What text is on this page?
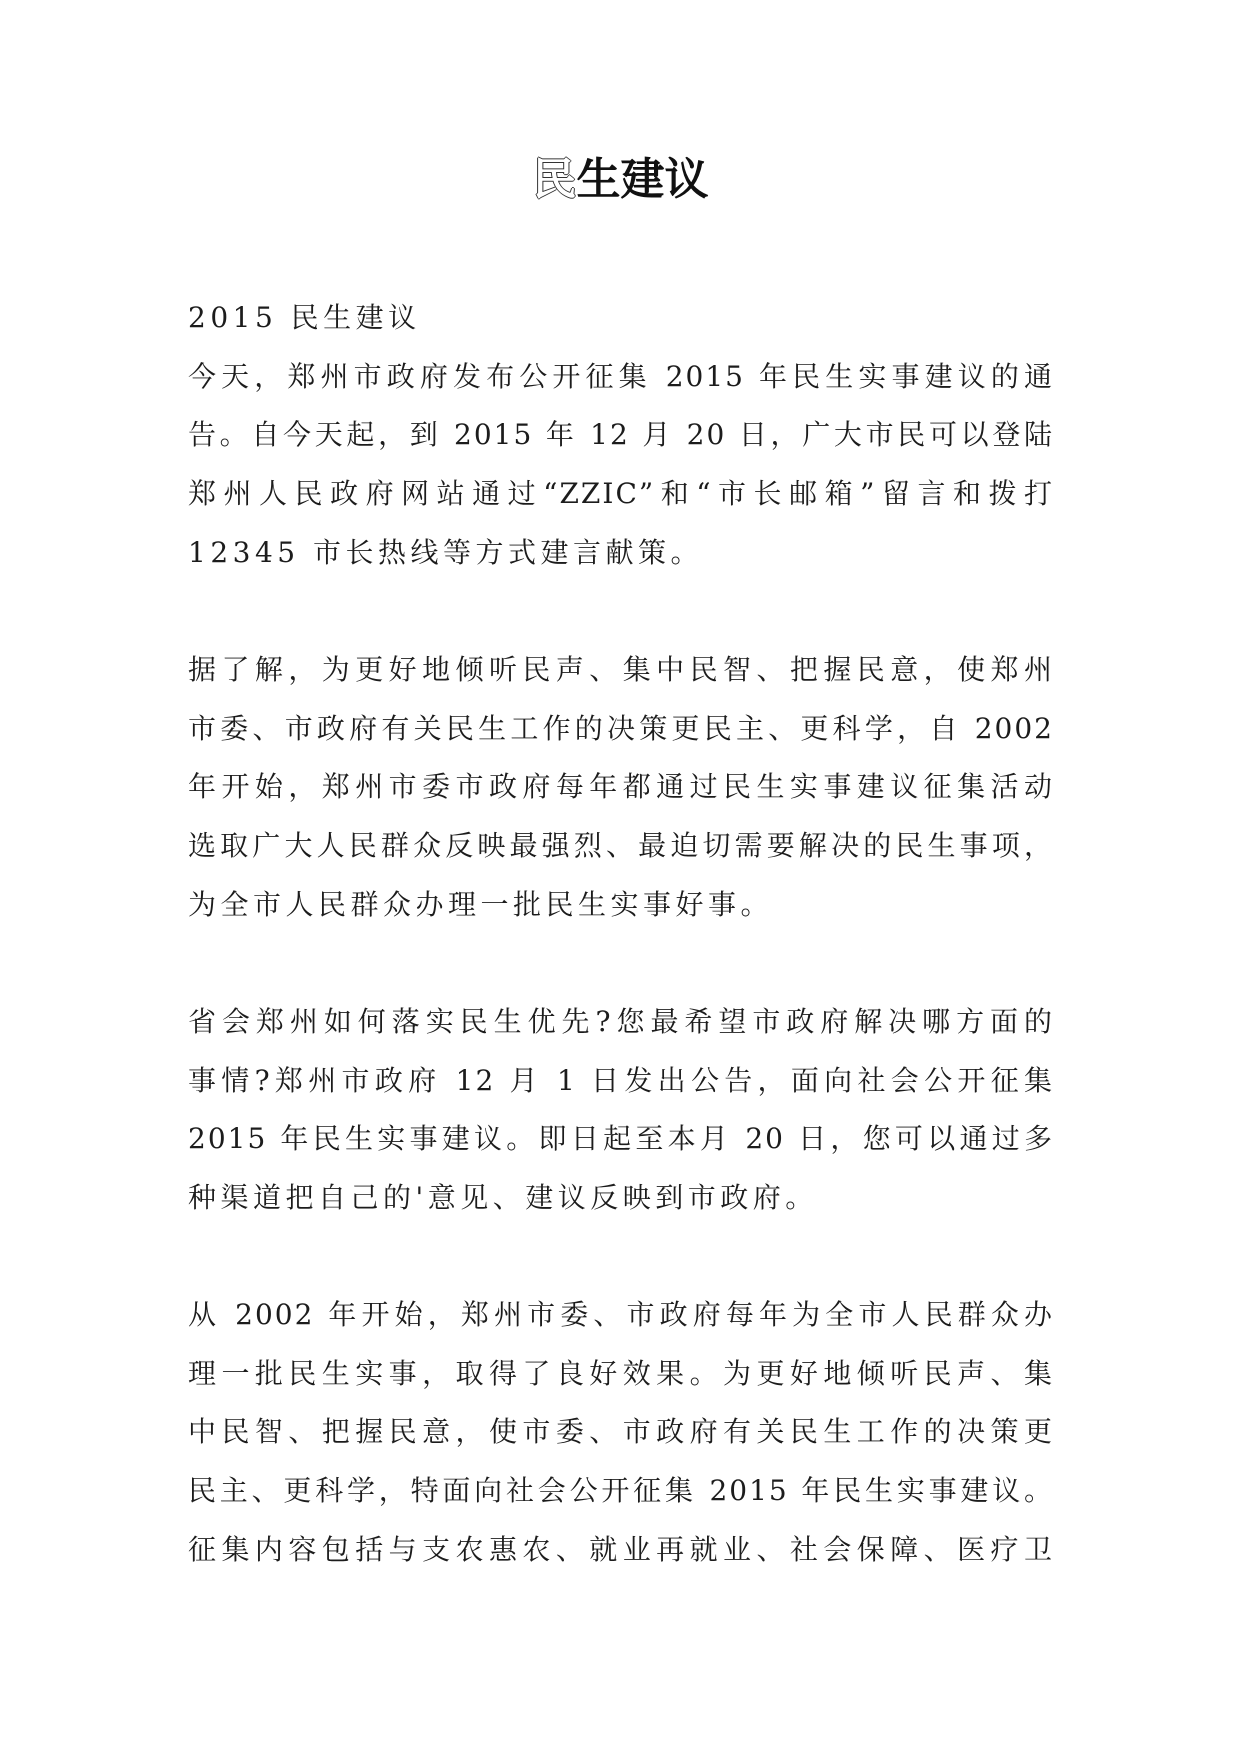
民生建议
2015 民生建议
今天，郑州市政府发布公开征集 2015 年民生实事建议的通
告。自今天起，到 2015 年 12 月 20 日，广大市民可以登陆
郑州人民政府网站通过“ZZIC”和“市长邮箱”留言和拨打
12345 市长热线等方式建言献策。
据了解，为更好地倾听民声、集中民智、把握民意，使郑州
市委、市政府有关民生工作的决策更民主、更科学，自 2002
年开始，郑州市委市政府每年都通过民生实事建议征集活动
选取广大人民群众反映最强烈、最迫切需要解决的民生事项，
为全市人民群众办理一批民生实事好事。
省会郑州如何落实民生优先?您最希望市政府解决哪方面的
事情?郑州市政府 12 月 1 日发出公告，面向社会公开征集
2015 年民生实事建议。即日起至本月 20 日，您可以通过多
种渠道把自己的'意见、建议反映到市政府。
从 2002 年开始，郑州市委、市政府每年为全市人民群众办
理一批民生实事，取得了良好效果。为更好地倾听民声、集
中民智、把握民意，使市委、市政府有关民生工作的决策更
民主、更科学，特面向社会公开征集 2015 年民生实事建议。
征集内容包括与支农惠农、就业再就业、社会保障、医疗卫
